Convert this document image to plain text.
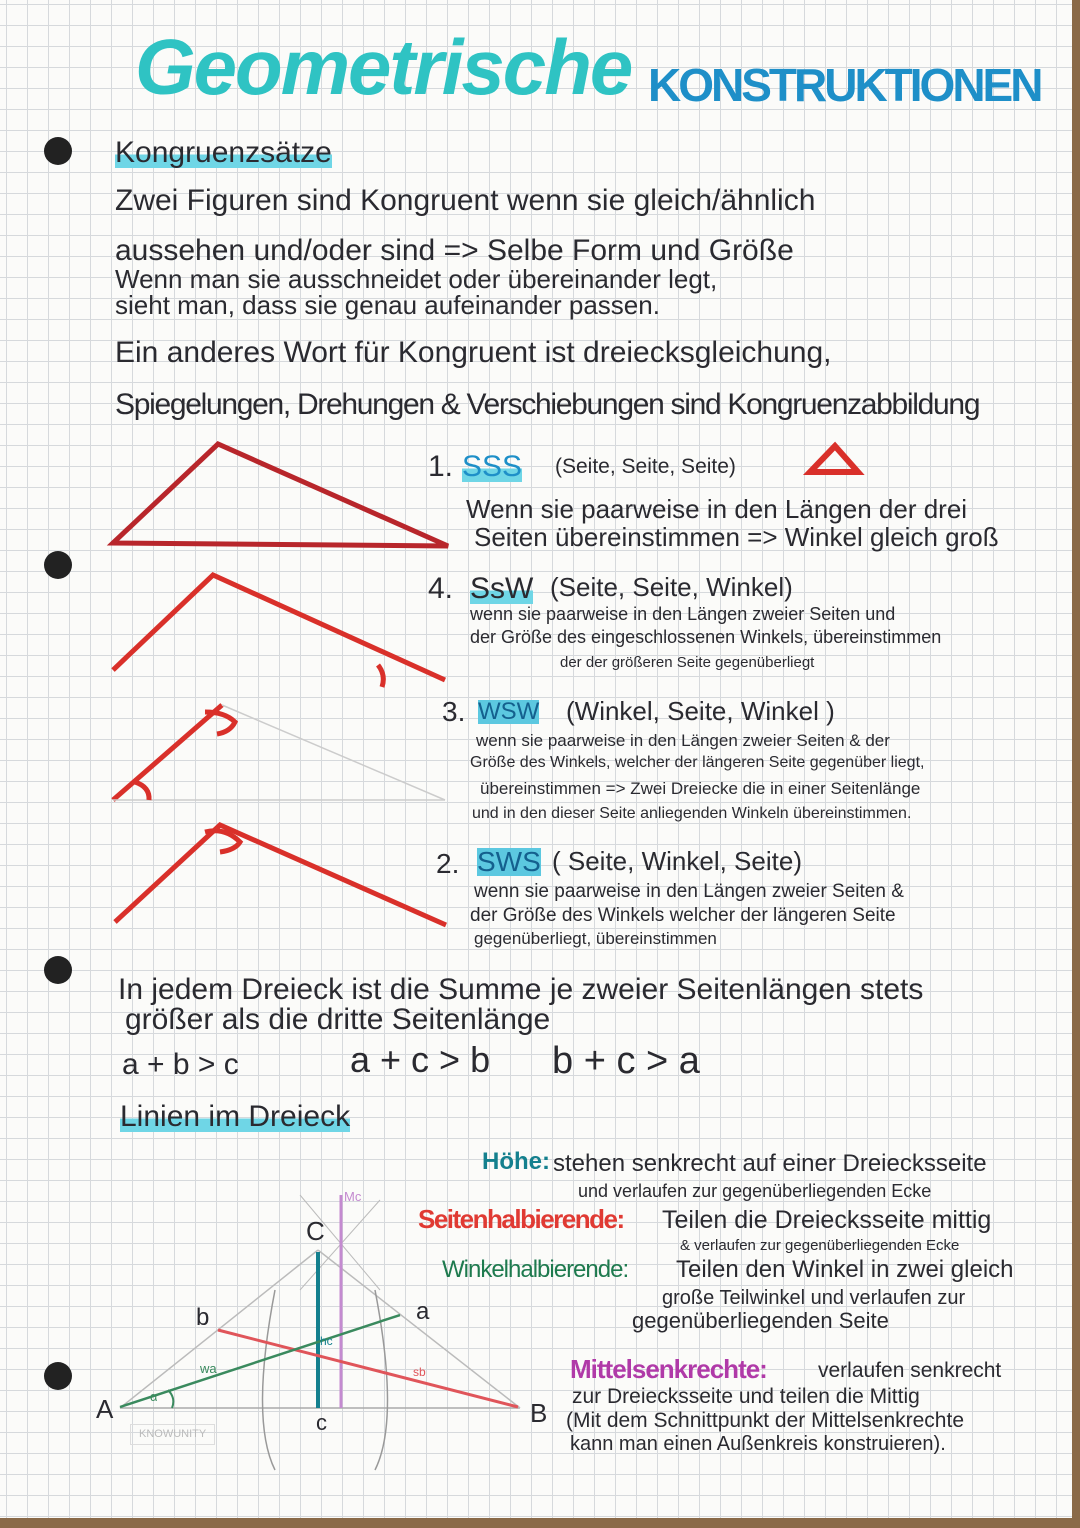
Geometrische KONSTRUKTIONEN
Kongruenzsätze
Zwei Figuren sind Kongruent wenn sie gleich/ähnlich
aussehen und/oder sind => Selbe Form und Größe
Wenn man sie ausschneidet oder übereinander legt,
sieht man, dass sie genau aufeinander passen.
Ein anderes Wort für Kongruent ist dreiecksgleichung,
Spiegelungen, Drehungen & Verschiebungen sind Kongruenzabbildung
1. SSS (Seite, Seite, Seite)
Wenn sie paarweise in den Längen der drei
Seiten übereinstimmen => Winkel gleich groß
4. SsW (Seite, Seite, Winkel)
wenn sie paarweise in den Längen zweier Seiten und
der Größe des eingeschlossenen Winkels, übereinstimmen
der der größeren Seite gegenüberliegt
3. WSW (Winkel, Seite, Winkel )
wenn sie paarweise in den Längen zweier Seiten & der
Größe des Winkels, welcher der längeren Seite gegenüber liegt,
übereinstimmen => Zwei Dreiecke die in einer Seitenlänge
und in den dieser Seite anliegenden Winkeln übereinstimmen.
2. SWS ( Seite, Winkel, Seite)
wenn sie paarweise in den Längen zweier Seiten &
der Größe des Winkels welcher der längeren Seite
gegenüberliegt, übereinstimmen
In jedem Dreieck ist die Summe je zweier Seitenlängen stets
größer als die dritte Seitenlänge
a + b > c	a + c > b b + c > a
Linien im Dreieck
C
Mc
b	a
hc
wa	sb
α
A	B
c
KNOWUNITY
Höhe: stehen senkrecht auf einer Dreiecksseite
und verlaufen zur gegenüberliegenden Ecke
Seitenhalbierende: Teilen die Dreiecksseite mittig
& verlaufen zur gegenüberliegenden Ecke
Winkelhalbierende: Teilen den Winkel in zwei gleich
große Teilwinkel und verlaufen zur
gegenüberliegenden Seite
Mittelsenkrechte: verlaufen senkrecht
zur Dreiecksseite und teilen die Mittig
(Mit dem Schnittpunkt der Mittelsenkrechte
kann man einen Außenkreis konstruieren).
